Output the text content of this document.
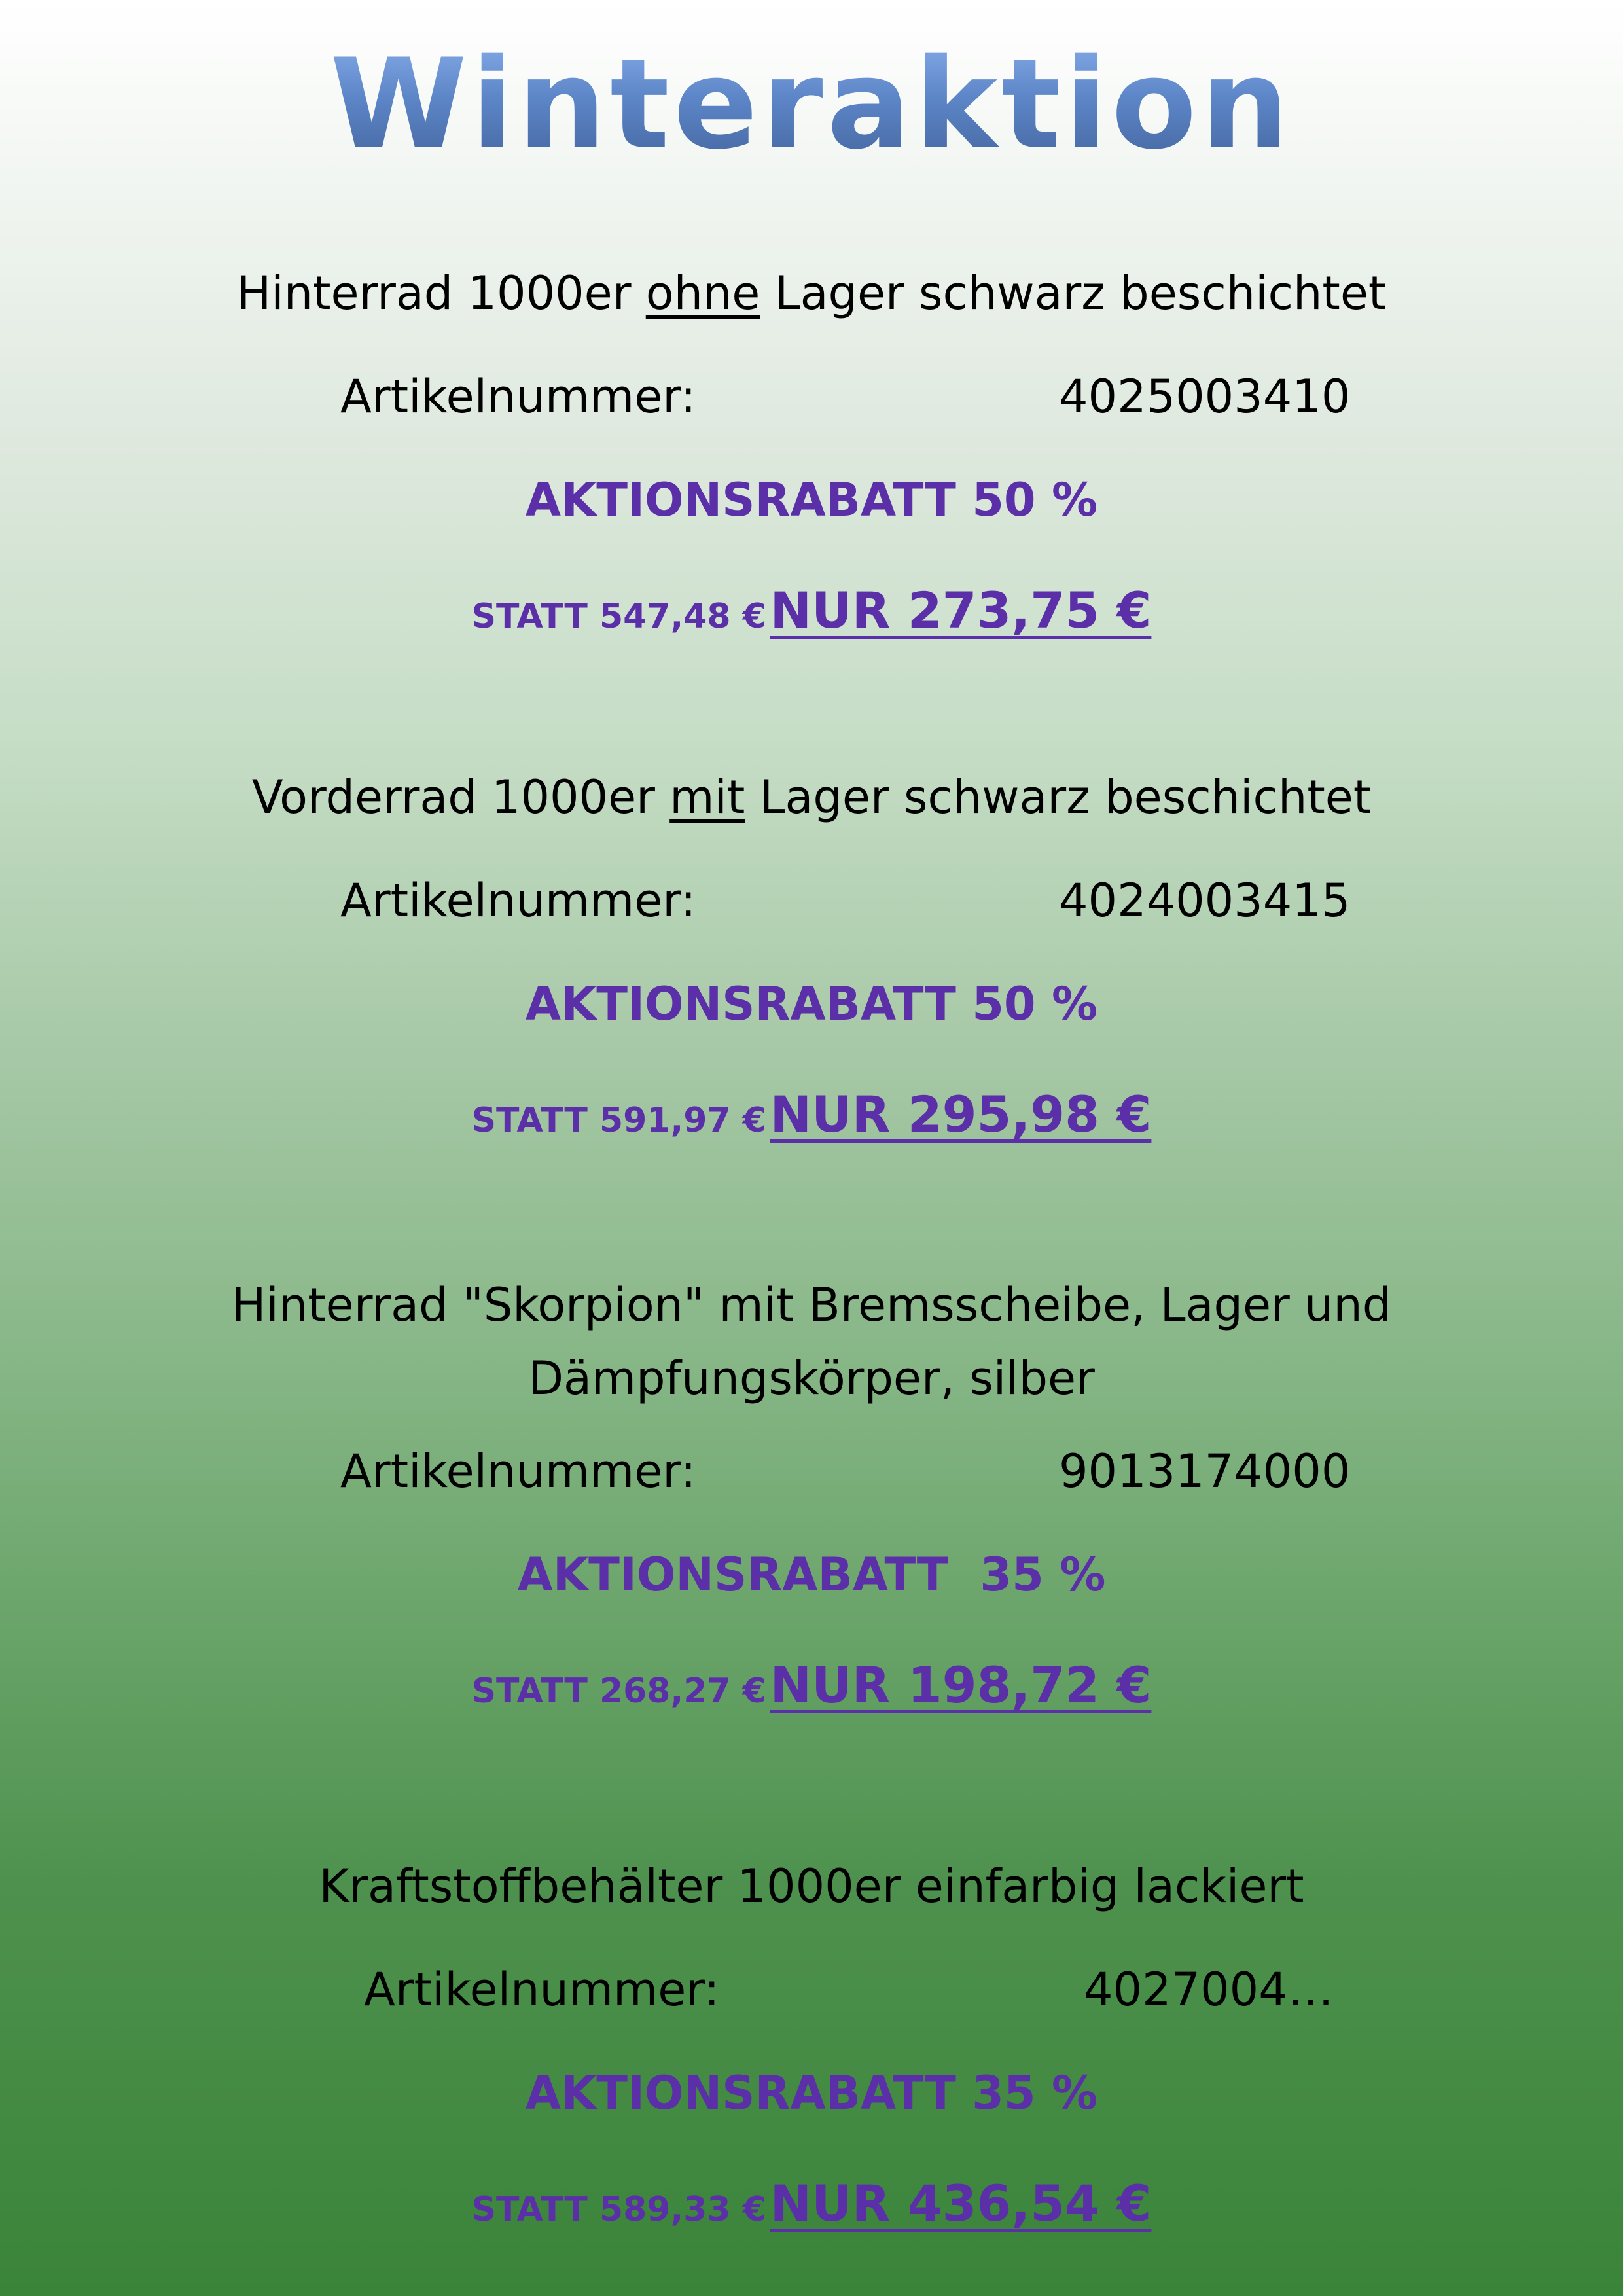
Winteraktion
Hinterrad 1000er ohne Lager schwarz beschichtet
Artikelnummer:	4025003410
AKTIONSRABATT 50 %
STATT 547,48 € NUR 273,75 €
Vorderrad 1000er mit Lager schwarz beschichtet
Artikelnummer:	4024003415
AKTIONSRABATT 50 %
STATT 591,97 € NUR 295,98 €
Hinterrad "Skorpion" mit Bremsscheibe, Lager und
Dämpfungskörper, silber
Artikelnummer:	9013174000
AKTIONSRABATT  35 %
STATT 268,27 € NUR 198,72 €
Kraftstoffbehälter 1000er einfarbig lackiert
Artikelnummer:	4027004…
AKTIONSRABATT 35 %
STATT 589,33 € NUR 436,54 €
